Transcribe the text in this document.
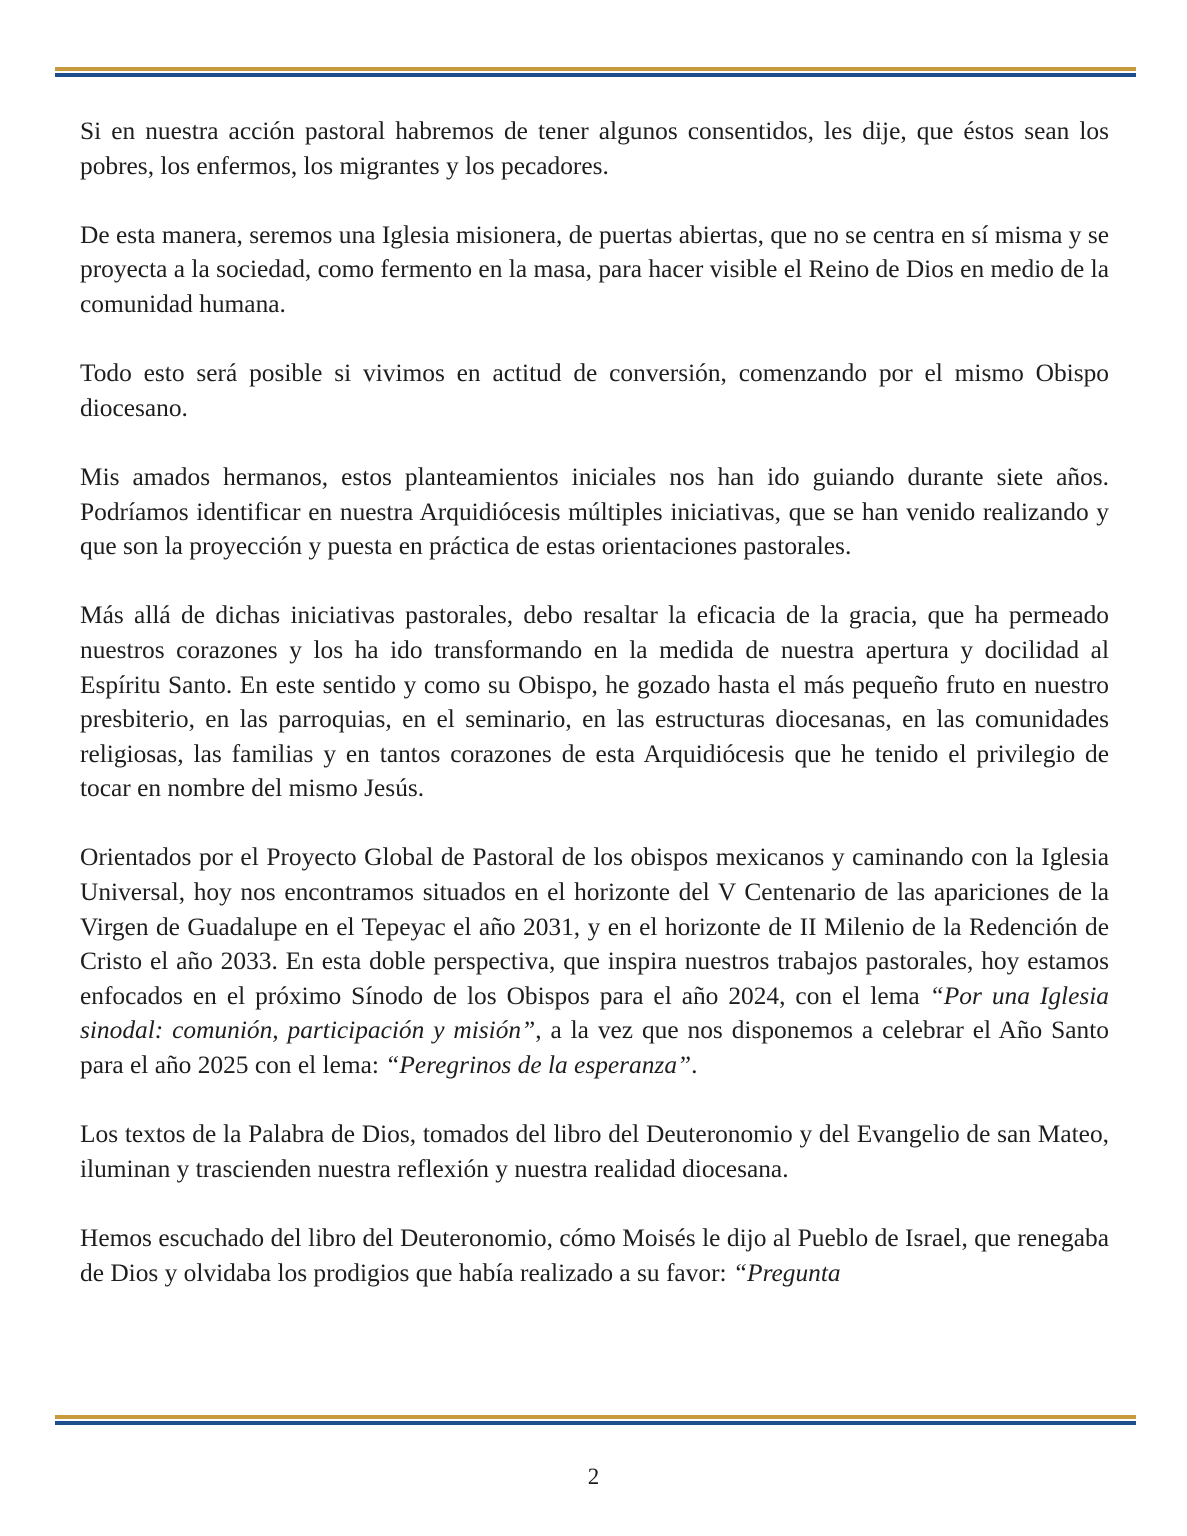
Si en nuestra acción pastoral habremos de tener algunos consentidos, les dije, que éstos sean los pobres, los enfermos, los migrantes y los pecadores.

De esta manera, seremos una Iglesia misionera, de puertas abiertas, que no se centra en sí misma y se proyecta a la sociedad, como fermento en la masa, para hacer visible el Reino de Dios en medio de la comunidad humana.

Todo esto será posible si vivimos en actitud de conversión, comenzando por el mismo Obispo diocesano.

Mis amados hermanos, estos planteamientos iniciales nos han ido guiando durante siete años. Podríamos identificar en nuestra Arquidiócesis múltiples iniciativas, que se han venido realizando y que son la proyección y puesta en práctica de estas orientaciones pastorales.

Más allá de dichas iniciativas pastorales, debo resaltar la eficacia de la gracia, que ha permeado nuestros corazones y los ha ido transformando en la medida de nuestra apertura y docilidad al Espíritu Santo. En este sentido y como su Obispo, he gozado hasta el más pequeño fruto en nuestro presbiterio, en las parroquias, en el seminario, en las estructuras diocesanas, en las comunidades religiosas, las familias y en tantos corazones de esta Arquidiócesis que he tenido el privilegio de tocar en nombre del mismo Jesús.

Orientados por el Proyecto Global de Pastoral de los obispos mexicanos y caminando con la Iglesia Universal, hoy nos encontramos situados en el horizonte del V Centenario de las apariciones de la Virgen de Guadalupe en el Tepeyac el año 2031, y en el horizonte de II Milenio de la Redención de Cristo el año 2033. En esta doble perspectiva, que inspira nuestros trabajos pastorales, hoy estamos enfocados en el próximo Sínodo de los Obispos para el año 2024, con el lema “Por una Iglesia sinodal: comunión, participación y misión”, a la vez que nos disponemos a celebrar el Año Santo para el año 2025 con el lema: “Peregrinos de la esperanza”.

Los textos de la Palabra de Dios, tomados del libro del Deuteronomio y del Evangelio de san Mateo, iluminan y trascienden nuestra reflexión y nuestra realidad diocesana.

Hemos escuchado del libro del Deuteronomio, cómo Moisés le dijo al Pueblo de Israel, que renegaba de Dios y olvidaba los prodigios que había realizado a su favor: “Pregunta

2
